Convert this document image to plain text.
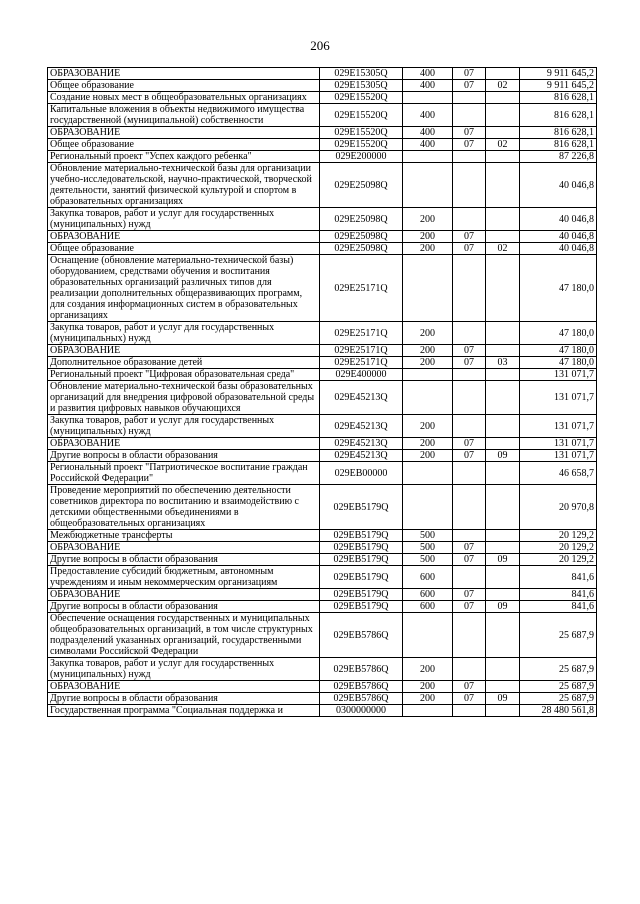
206
ОБРАЗОВАНИЕ	029E15305Q	400	07		9 911 645,2
Общее образование	029E15305Q	400	07	02	9 911 645,2
Создание новых мест в общеобразовательных организациях	029E15520Q				816 628,1
Капитальные вложения в объекты недвижимого имущества государственной (муниципальной) собственности	029E15520Q	400			816 628,1
ОБРАЗОВАНИЕ	029E15520Q	400	07		816 628,1
Общее образование	029E15520Q	400	07	02	816 628,1
Региональный проект "Успех каждого ребенка"	029E200000				87 226,8
Обновление материально-технической базы для организации учебно-исследовательской, научно-практической, творческой деятельности, занятий физической культурой и спортом в образовательных организациях	029E25098Q				40 046,8
Закупка товаров, работ и услуг для государственных (муниципальных) нужд	029E25098Q	200			40 046,8
ОБРАЗОВАНИЕ	029E25098Q	200	07		40 046,8
Общее образование	029E25098Q	200	07	02	40 046,8
Оснащение (обновление материально-технической базы) оборудованием, средствами обучения и воспитания образовательных организаций различных типов для реализации дополнительных общеразвивающих программ, для создания информационных систем в образовательных организациях	029E25171Q				47 180,0
Закупка товаров, работ и услуг для государственных (муниципальных) нужд	029E25171Q	200			47 180,0
ОБРАЗОВАНИЕ	029E25171Q	200	07		47 180,0
Дополнительное образование детей	029E25171Q	200	07	03	47 180,0
Региональный проект "Цифровая образовательная среда"	029E400000				131 071,7
Обновление материально-технической базы образовательных организаций для внедрения цифровой образовательной среды и развития цифровых навыков обучающихся	029E45213Q				131 071,7
Закупка товаров, работ и услуг для государственных (муниципальных) нужд	029E45213Q	200			131 071,7
ОБРАЗОВАНИЕ	029E45213Q	200	07		131 071,7
Другие вопросы в области образования	029E45213Q	200	07	09	131 071,7
Региональный проект "Патриотическое воспитание граждан Российской Федерации"	029EB00000				46 658,7
Проведение мероприятий по обеспечению деятельности советников директора по воспитанию и взаимодействию с детскими общественными объединениями в общеобразовательных организациях	029EB5179Q				20 970,8
Межбюджетные трансферты	029EB5179Q	500			20 129,2
ОБРАЗОВАНИЕ	029EB5179Q	500	07		20 129,2
Другие вопросы в области образования	029EB5179Q	500	07	09	20 129,2
Предоставление субсидий бюджетным, автономным учреждениям и иным некоммерческим организациям	029EB5179Q	600			841,6
ОБРАЗОВАНИЕ	029EB5179Q	600	07		841,6
Другие вопросы в области образования	029EB5179Q	600	07	09	841,6
Обеспечение оснащения государственных и муниципальных общеобразовательных организаций, в том числе структурных подразделений указанных организаций, государственными символами Российской Федерации	029EB5786Q				25 687,9
Закупка товаров, работ и услуг для государственных (муниципальных) нужд	029EB5786Q	200			25 687,9
ОБРАЗОВАНИЕ	029EB5786Q	200	07		25 687,9
Другие вопросы в области образования	029EB5786Q	200	07	09	25 687,9
Государственная программа "Социальная поддержка и	0300000000				28 480 561,8
